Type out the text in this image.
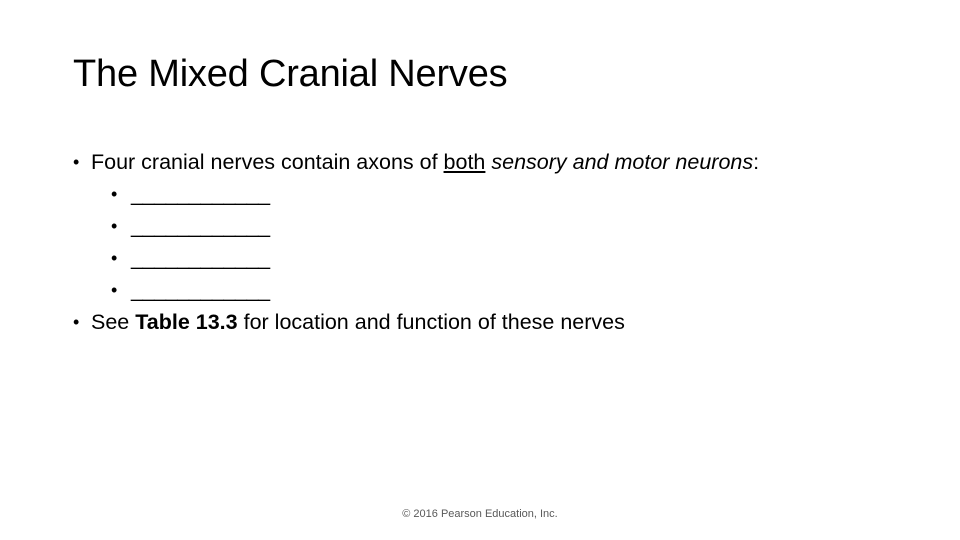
The Mixed Cranial Nerves
• Four cranial nerves contain axons of both sensory and motor neurons:
• ____________
• ____________
• ____________
• ____________
• See Table 13.3 for location and function of these nerves
© 2016 Pearson Education, Inc.
